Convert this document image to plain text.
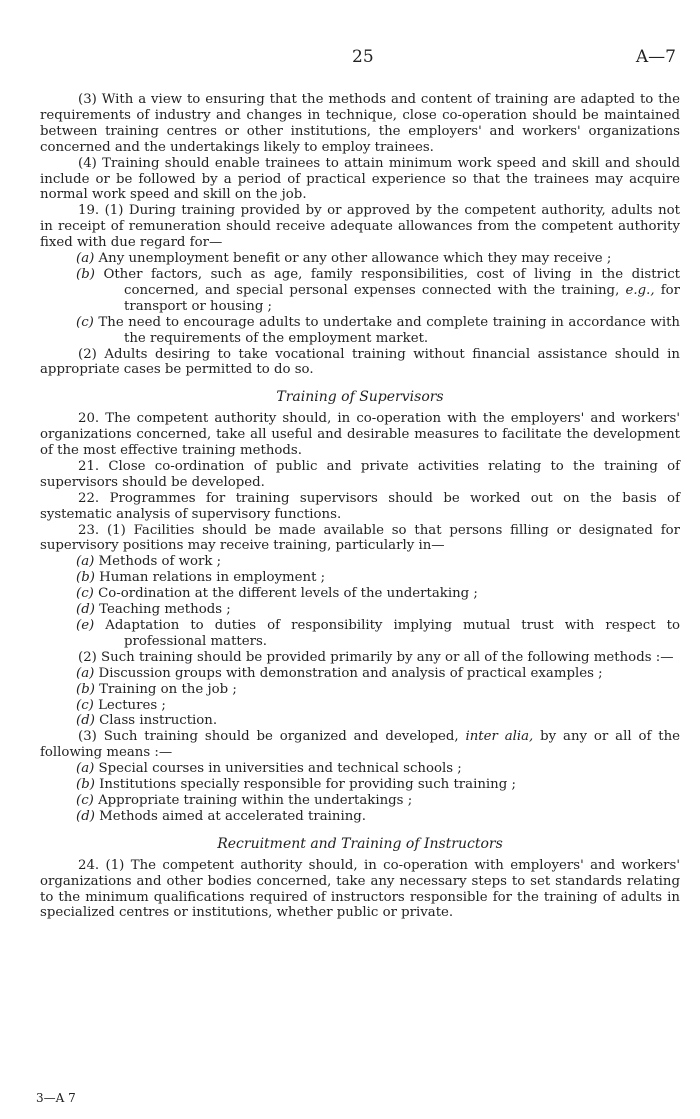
25	A—7

(3) With a view to ensuring that the methods and content of training are adapted to the requirements of industry and changes in technique, close co-operation should be maintained between training centres or other institutions, the employers' and workers' organizations concerned and the undertakings likely to employ trainees.

(4) Training should enable trainees to attain minimum work speed and skill and should include or be followed by a period of practical experience so that the trainees may acquire normal work speed and skill on the job.

19. (1) During training provided by or approved by the competent authority, adults not in receipt of remuneration should receive adequate allowances from the competent authority fixed with due regard for—

(a) Any unemployment benefit or any other allowance which they may receive ;

(b) Other factors, such as age, family responsibilities, cost of living in the district concerned, and special personal expenses connected with the training, e.g., for transport or housing ;

(c) The need to encourage adults to undertake and complete training in accordance with the requirements of the employment market.

(2) Adults desiring to take vocational training without financial assistance should in appropriate cases be permitted to do so.

Training of Supervisors

20. The competent authority should, in co-operation with the employers' and workers' organizations concerned, take all useful and desirable measures to facilitate the development of the most effective training methods.

21. Close co-ordination of public and private activities relating to the training of supervisors should be developed.

22. Programmes for training supervisors should be worked out on the basis of systematic analysis of supervisory functions.

23. (1) Facilities should be made available so that persons filling or designated for supervisory positions may receive training, particularly in—

(a) Methods of work ;

(b) Human relations in employment ;

(c) Co-ordination at the different levels of the undertaking ;

(d) Teaching methods ;

(e) Adaptation to duties of responsibility implying mutual trust with respect to professional matters.

(2) Such training should be provided primarily by any or all of the following methods :—

(a) Discussion groups with demonstration and analysis of practical examples ;

(b) Training on the job ;

(c) Lectures ;

(d) Class instruction.

(3) Such training should be organized and developed, inter alia, by any or all of the following means :—

(a) Special courses in universities and technical schools ;

(b) Institutions specially responsible for providing such training ;

(c) Appropriate training within the undertakings ;

(d) Methods aimed at accelerated training.

Recruitment and Training of Instructors

24. (1) The competent authority should, in co-operation with employers' and workers' organizations and other bodies concerned, take any necessary steps to set standards relating to the minimum qualifications required of instructors responsible for the training of adults in specialized centres or institutions, whether public or private.

3—A 7
